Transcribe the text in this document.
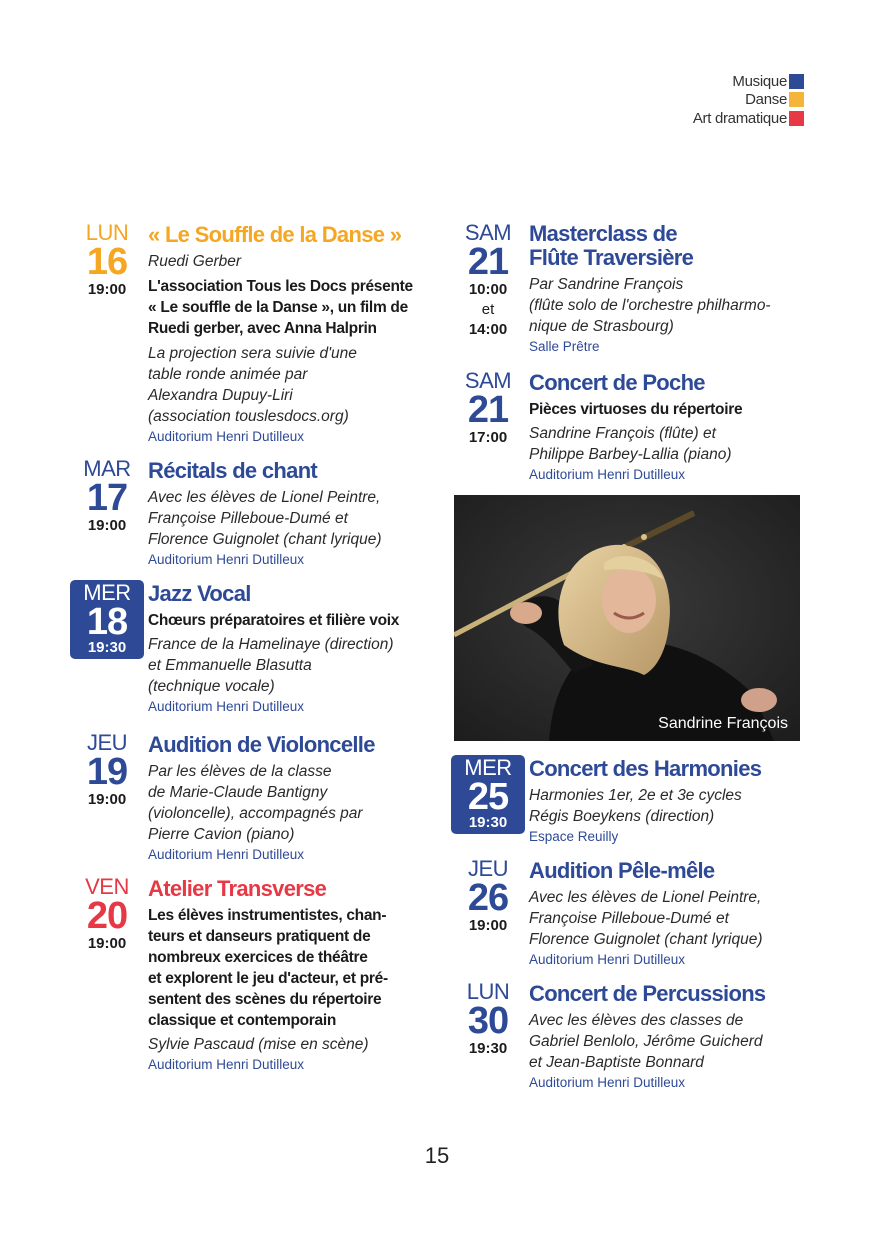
Musique
Danse
Art dramatique
LUN
16
19:00
« Le Souffle de la Danse »
Ruedi Gerber
L'association Tous les Docs présente
« Le souffle de la Danse », un film de
Ruedi gerber, avec Anna Halprin
La projection sera suivie d'une
table ronde animée par
Alexandra Dupuy-Liri
(association touslesdocs.org)
Auditorium Henri Dutilleux
MAR
17
19:00
Récitals de chant
Avec les élèves de Lionel Peintre,
Françoise Pilleboue-Dumé et
Florence Guignolet (chant lyrique)
Auditorium Henri Dutilleux
MER
18
19:30
Jazz Vocal
Chœurs préparatoires et filière voix
France de la Hamelinaye (direction)
et Emmanuelle Blasutta
(technique vocale)
Auditorium Henri Dutilleux
JEU
19
19:00
Audition de Violoncelle
Par les élèves de la classe
de Marie-Claude Bantigny
(violoncelle), accompagnés par
Pierre Cavion (piano)
Auditorium Henri Dutilleux
VEN
20
19:00
Atelier Transverse
Les élèves instrumentistes, chan-
teurs et danseurs pratiquent de
nombreux exercices de théâtre
et explorent le jeu d'acteur, et pré-
sentent des scènes du répertoire
classique et contemporain
Sylvie Pascaud (mise en scène)
Auditorium Henri Dutilleux
SAM
21
10:00
et
14:00
Masterclass de
Flûte Traversière
Par Sandrine François
(flûte solo de l'orchestre philharmo-
nique de Strasbourg)
Salle Prêtre
SAM
21
17:00
Concert de Poche
Pièces virtuoses du répertoire
Sandrine François (flûte) et
Philippe Barbey-Lallia (piano)
Auditorium Henri Dutilleux
Sandrine François
MER
25
19:30
Concert des Harmonies
Harmonies 1er, 2e et 3e cycles
Régis Boeykens (direction)
Espace Reuilly
JEU
26
19:00
Audition Pêle-mêle
Avec les élèves de Lionel Peintre,
Françoise Pilleboue-Dumé et
Florence Guignolet (chant lyrique)
Auditorium Henri Dutilleux
LUN
30
19:30
Concert de Percussions
Avec les élèves des classes de
Gabriel Benlolo, Jérôme Guicherd
et Jean-Baptiste Bonnard
Auditorium Henri Dutilleux
15
